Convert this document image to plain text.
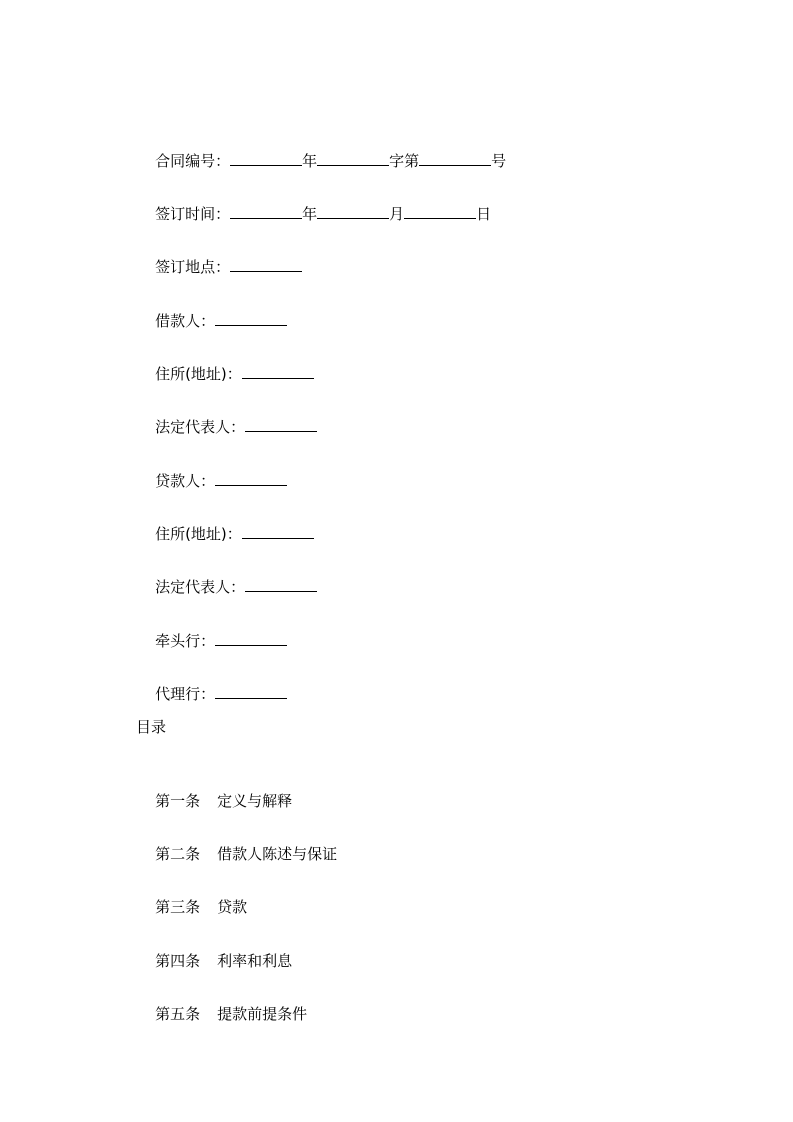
合同编号：	年	字第	号

签订时间：	年	月	日

签订地点：

借款人：

住所(地址)：

法定代表人：

贷款人：

住所(地址)：

法定代表人：

牵头行：

代理行：

目录

第一条 定义与解释

第二条 借款人陈述与保证

第三条 贷款

第四条 利率和利息

第五条 提款前提条件
